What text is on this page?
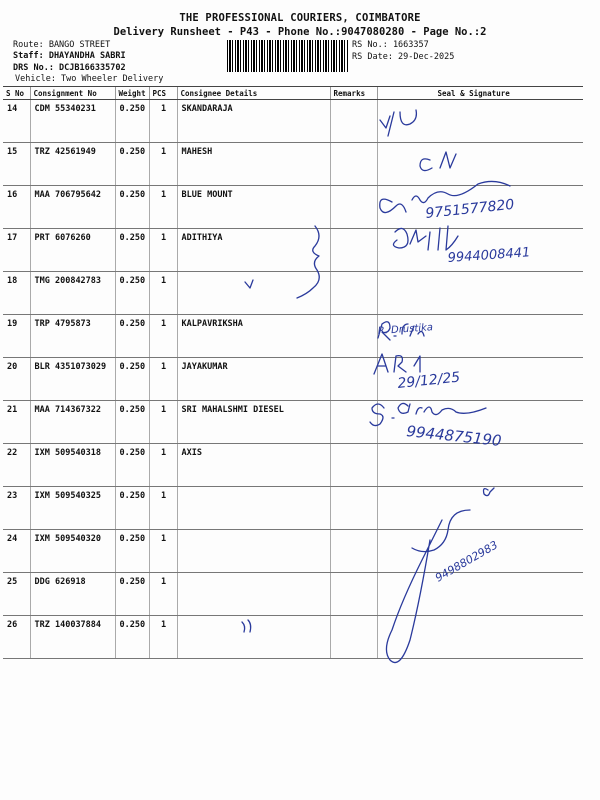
THE PROFESSIONAL COURIERS, COIMBATORE
Delivery Runsheet - P43 - Phone No.:9047080280 - Page No.:2
Route: BANGO STREET
Staff: DHAYANDHA SABRI
DRS No.: DCJB166335702
Vehicle: Two Wheeler Delivery
RS No.: 1663357
RS Date: 29-Dec-2025
S No	Consignment No	Weight	PCS	Consignee Details	Remarks	Seal & Signature
14	CDM 55340231	0.250	1	SKANDARAJA		
15	TRZ 42561949	0.250	1	MAHESH		
16	MAA 706795642	0.250	1	BLUE MOUNT		
17	PRT 6076260	0.250	1	ADITHIYA		
18	TMG 200842783	0.250	1			
19	TRP 4795873	0.250	1	KALPAVRIKSHA		
20	BLR 4351073029	0.250	1	JAYAKUMAR		
21	MAA 714367322	0.250	1	SRI MAHALSHMI DIESEL		
22	IXM 509540318	0.250	1	AXIS		
23	IXM 509540325	0.250	1			
24	IXM 509540320	0.250	1			
25	DDG 626918	0.250	1			
26	TRZ 140037884	0.250	1			
9751577820
9944008441
R. Drustika
29/12/25
9944875190
9498802983
